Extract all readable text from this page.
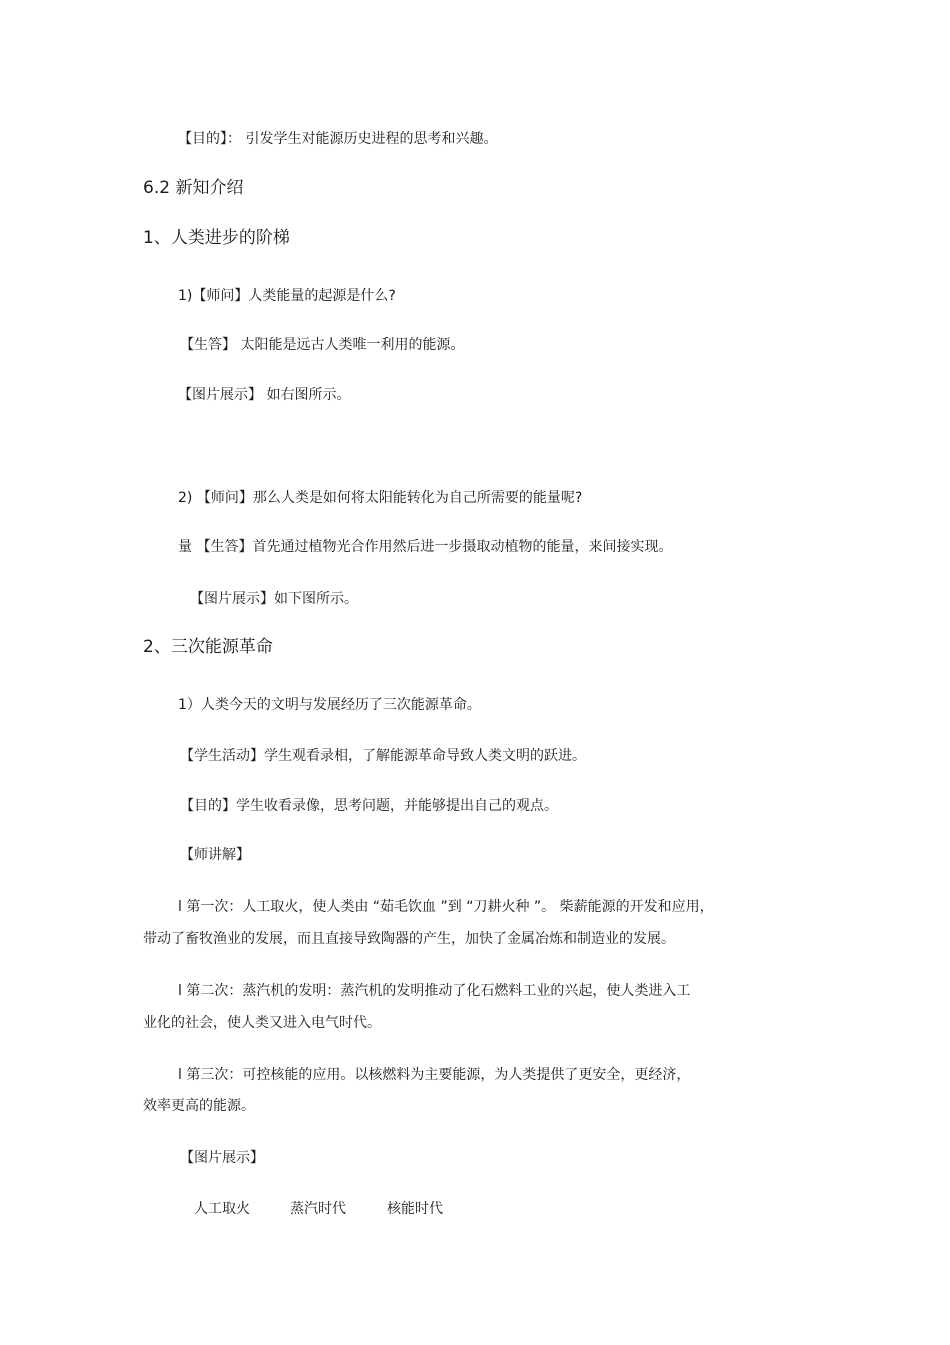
【目的】： 引发学生对能源历史进程的思考和兴趣。
6.2 新知介绍
1、人类进步的阶梯
1)【师问】人类能量的起源是什么?
【生答】 太阳能是远古人类唯一利用的能源。
【图片展示】 如右图所示。
2) 【师问】那么人类是如何将太阳能转化为自己所需要的能量呢?
量 【生答】首先通过植物光合作用然后进一步摄取动植物的能量，来间接实现。
【图片展示】如下图所示。
2、三次能源革命
1）人类今天的文明与发展经历了三次能源革命。
【学生活动】学生观看录相，了解能源革命导致人类文明的跃进。
【目的】学生收看录像，思考问题，并能够提出自己的观点。
【师讲解】
l 第一次：人工取火，使人类由 “茹毛饮血 ”到 “刀耕火种 ”。 柴薪能源的开发和应用，
带动了畜牧渔业的发展，而且直接导致陶器的产生，加快了金属冶炼和制造业的发展。
l 第二次：蒸汽机的发明：蒸汽机的发明推动了化石燃料工业的兴起，使人类进入工
业化的社会，使人类又进入电气时代。
l 第三次：可控核能的应用。以核燃料为主要能源，为人类提供了更安全，更经济，
效率更高的能源。
【图片展示】
人工取火	蒸汽时代	核能时代
